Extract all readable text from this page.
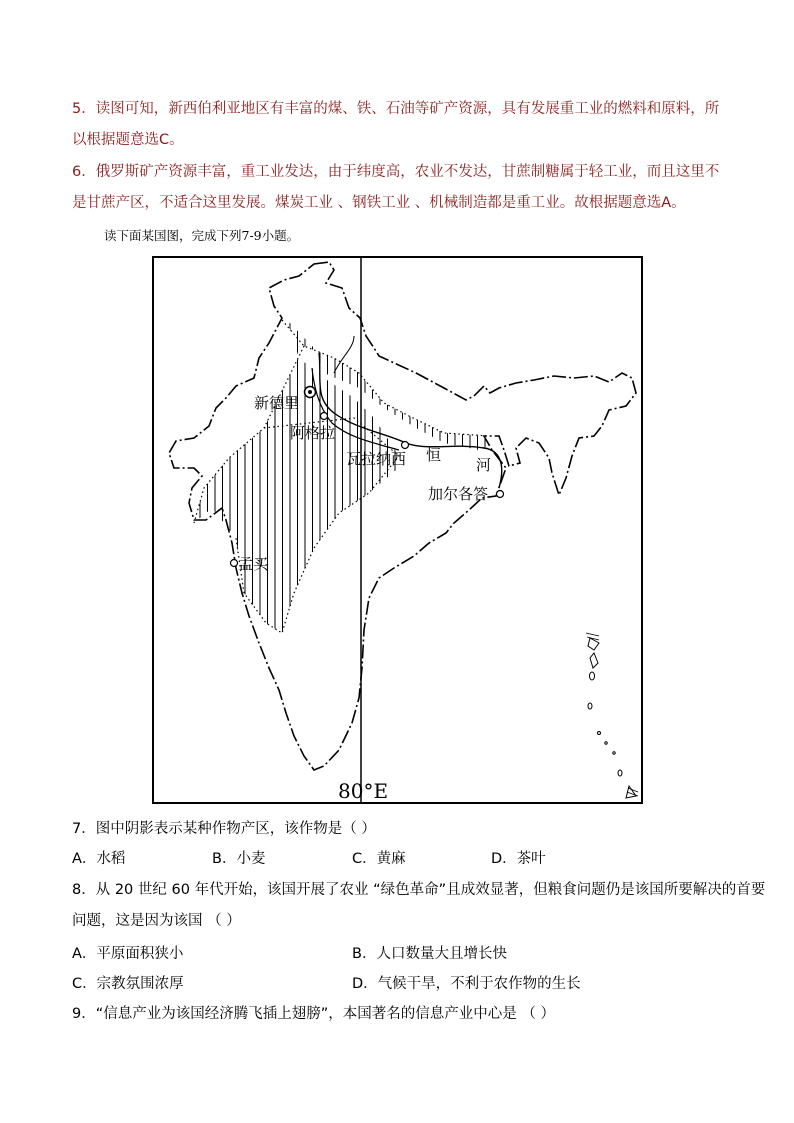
5．读图可知，新西伯利亚地区有丰富的煤、铁、石油等矿产资源，具有发展重工业的燃料和原料，所以根据题意选C。

6．俄罗斯矿产资源丰富，重工业发达，由于纬度高，农业不发达，甘蔗制糖属于轻工业，而且这里不是甘蔗产区，不适合这里发展。煤炭工业 、钢铁工业 、机械制造都是重工业。故根据题意选A。

读下面某国图，完成下列7-9小题。
新德里
阿格拉
瓦拉纳西 恒
河
加尔各答
孟买
80°E
7．图中阴影表示某种作物产区，该作物是（ ）
A．水稻	B．小麦	C．黄麻	D．茶叶
8．从 20 世纪 60 年代开始，该国开展了农业 “绿色革命”且成效显著，但粮食问题仍是该国所要解决的首要
问题，这是因为该国 （ ）
A．平原面积狭小	B．人口数量大且增长快
C．宗教氛围浓厚	D．气候干旱，不利于农作物的生长
9．“信息产业为该国经济腾飞插上翅膀”，本国著名的信息产业中心是 （ ）
